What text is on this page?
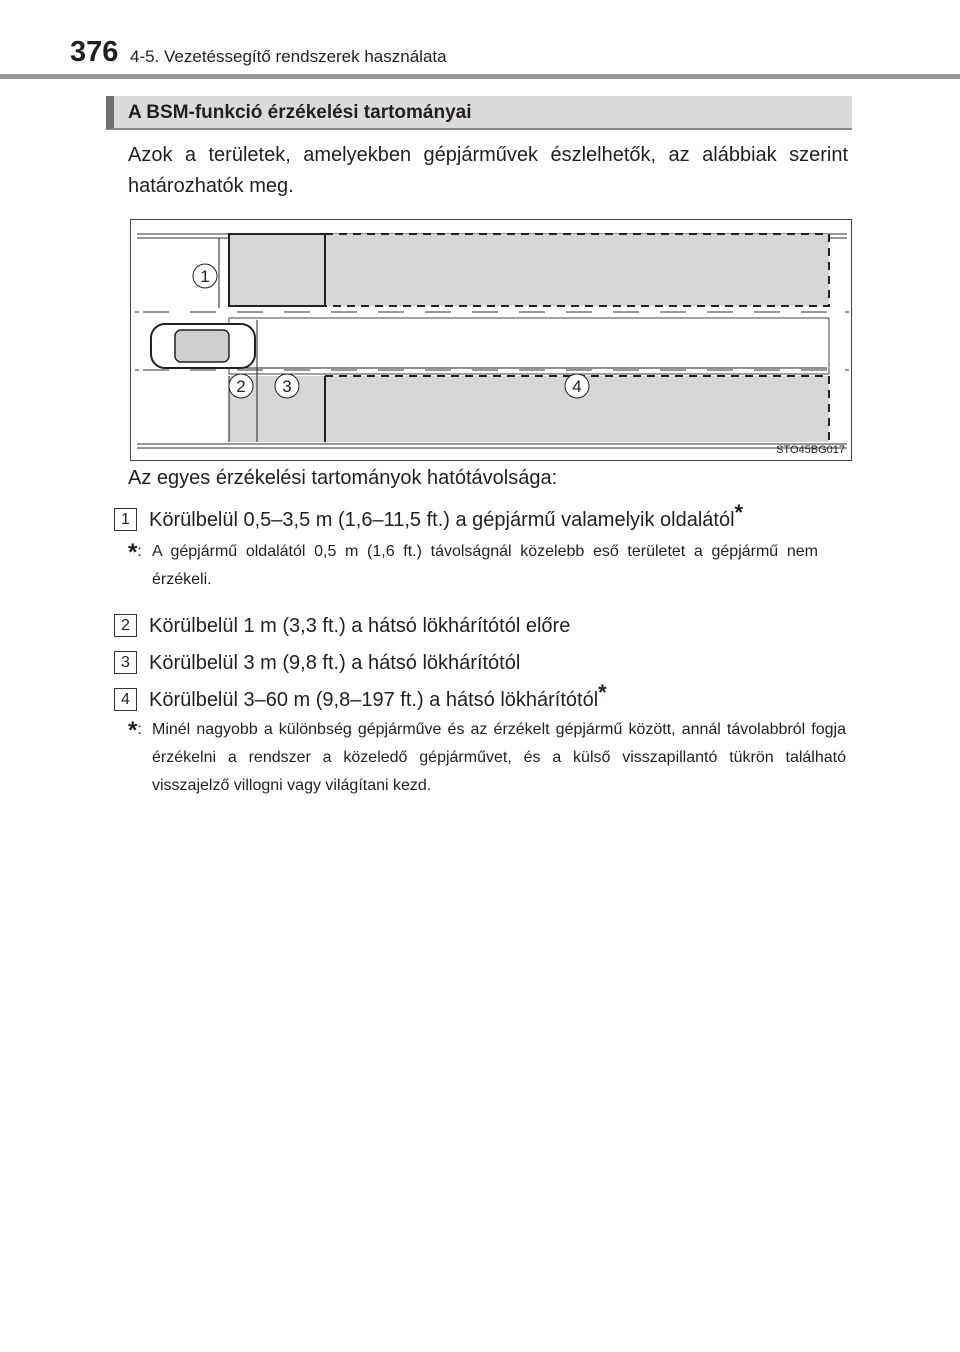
376 4-5. Vezetéssegítő rendszerek használata
A BSM-funkció érzékelési tartományai
Azok a területek, amelyekben gépjárművek észlelhetők, az alábbiak szerint határozhatók meg.
1
2 3	4
STO45BG017
Az egyes érzékelési tartományok hatótávolsága:
1 Körülbelül 0,5–3,5 m (1,6–11,5 ft.) a gépjármű valamelyik oldalától*
*: A gépjármű oldalától 0,5 m (1,6 ft.) távolságnál közelebb eső területet a gépjármű nem érzékeli.
2 Körülbelül 1 m (3,3 ft.) a hátsó lökhárítótól előre
3 Körülbelül 3 m (9,8 ft.) a hátsó lökhárítótól
4 Körülbelül 3–60 m (9,8–197 ft.) a hátsó lökhárítótól*
*: Minél nagyobb a különbség gépjárműve és az érzékelt gépjármű között, annál távolabbról fogja érzékelni a rendszer a közeledő gépjárművet, és a külső visszapillantó tükrön található visszajelző villogni vagy világítani kezd.
